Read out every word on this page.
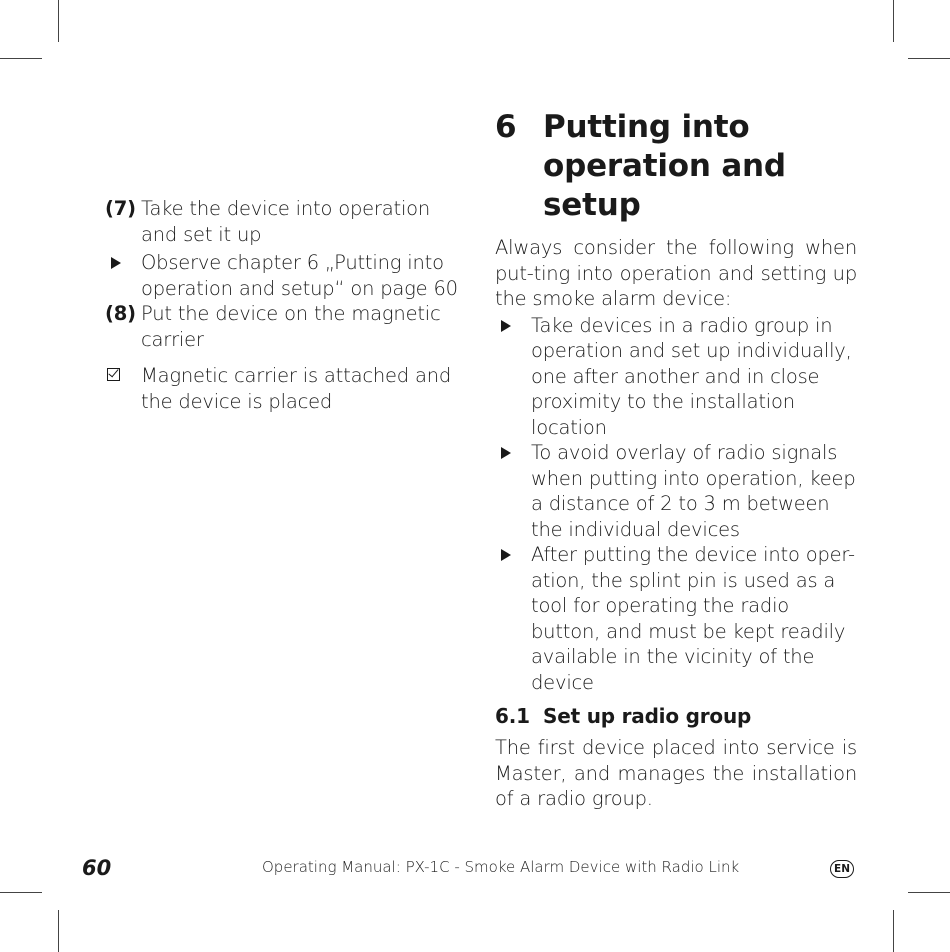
(7) Take the device into operation and set it up
Observe chapter 6 „Putting into operation and setup“ on page 60
(8) Put the device on the magnetic carrier
Magnetic carrier is attached and the device is placed
6 Putting into
operation and setup
Always consider the following when put-ting into operation and setting up the smoke alarm device:
Take devices in a radio group in operation and set up individually, one after another and in close proximity to the installation location
To avoid overlay of radio signals when putting into operation, keep a distance of 2 to 3 m between the individual devices
After putting the device into oper-ation, the splint pin is used as a tool for operating the radio button, and must be kept readily available in the vicinity of the device
6.1 Set up radio group
The first device placed into service is Master, and manages the installation of a radio group.
60	Operating Manual: PX-1C - Smoke Alarm Device with Radio Link	EN
